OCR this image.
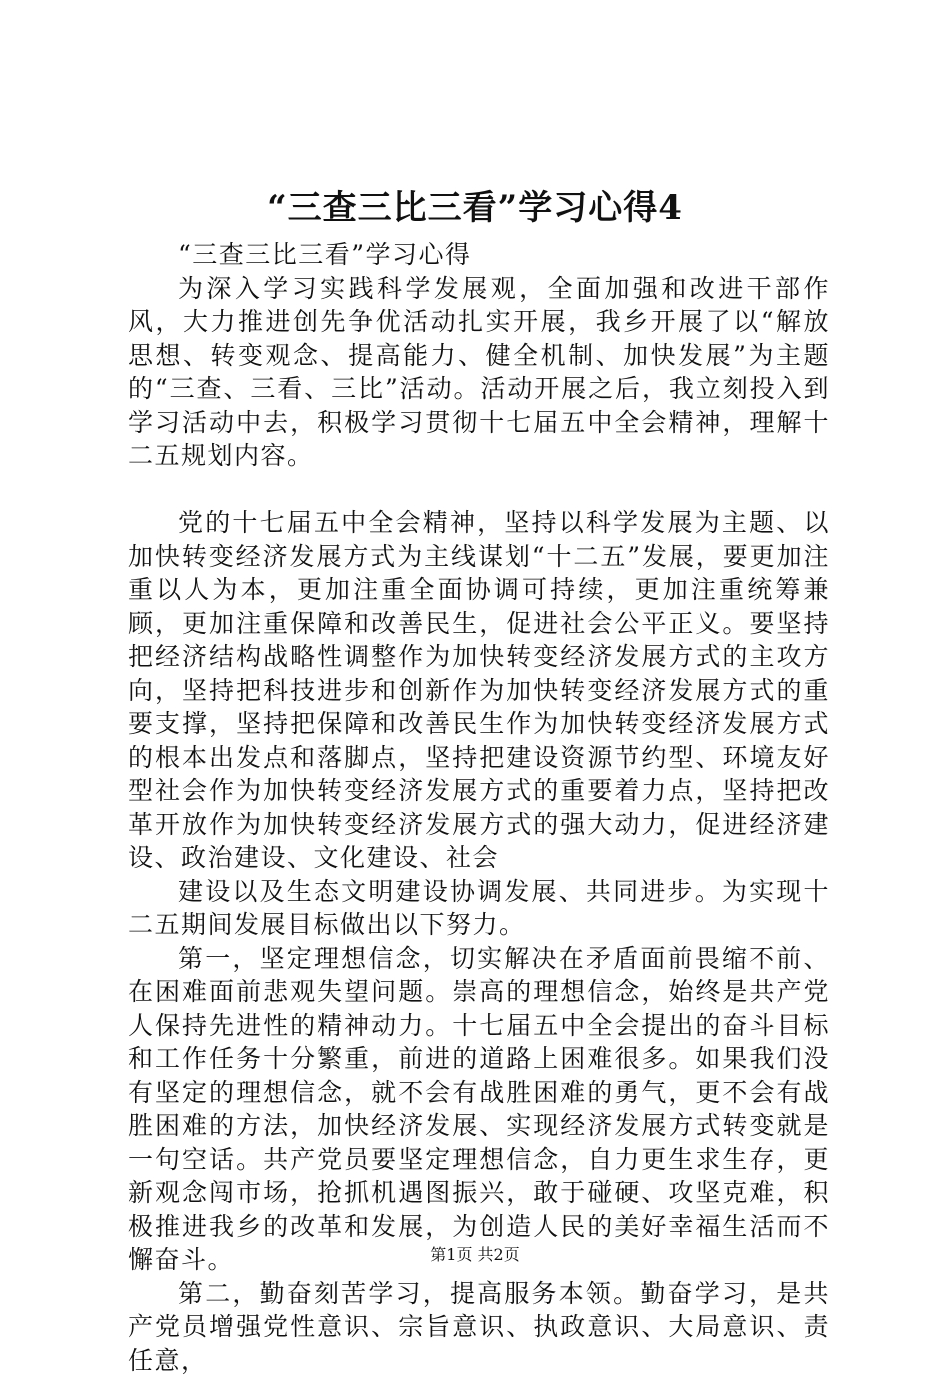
“三查三比三看”学习心得4

“三查三比三看”学习心得

为深入学习实践科学发展观，全面加强和改进干部作风，大力推进创先争优活动扎实开展，我乡开展了以“解放思想、转变观念、提高能力、健全机制、加快发展”为主题的“三查、三看、三比”活动。活动开展之后，我立刻投入到学习活动中去，积极学习贯彻十七届五中全会精神，理解十二五规划内容。

党的十七届五中全会精神，坚持以科学发展为主题、以加快转变经济发展方式为主线谋划“十二五”发展，要更加注重以人为本，更加注重全面协调可持续，更加注重统筹兼顾，更加注重保障和改善民生，促进社会公平正义。要坚持把经济结构战略性调整作为加快转变经济发展方式的主攻方向，坚持把科技进步和创新作为加快转变经济发展方式的重要支撑，坚持把保障和改善民生作为加快转变经济发展方式的根本出发点和落脚点，坚持把建设资源节约型、环境友好型社会作为加快转变经济发展方式的重要着力点，坚持把改革开放作为加快转变经济发展方式的强大动力，促进经济建设、政治建设、文化建设、社会

建设以及生态文明建设协调发展、共同进步。为实现十二五期间发展目标做出以下努力。

第一，坚定理想信念，切实解决在矛盾面前畏缩不前、在困难面前悲观失望问题。崇高的理想信念，始终是共产党人保持先进性的精神动力。十七届五中全会提出的奋斗目标和工作任务十分繁重，前进的道路上困难很多。如果我们没有坚定的理想信念，就不会有战胜困难的勇气，更不会有战胜困难的方法，加快经济发展、实现经济发展方式转变就是一句空话。共产党员要坚定理想信念，自力更生求生存，更新观念闯市场，抢抓机遇图振兴，敢于碰硬、攻坚克难，积极推进我乡的改革和发展，为创造人民的美好幸福生活而不懈奋斗。

第二，勤奋刻苦学习，提高服务本领。勤奋学习，是共产党员增强党性意识、宗旨意识、执政意识、大局意识、责任意，

第1页 共2页
